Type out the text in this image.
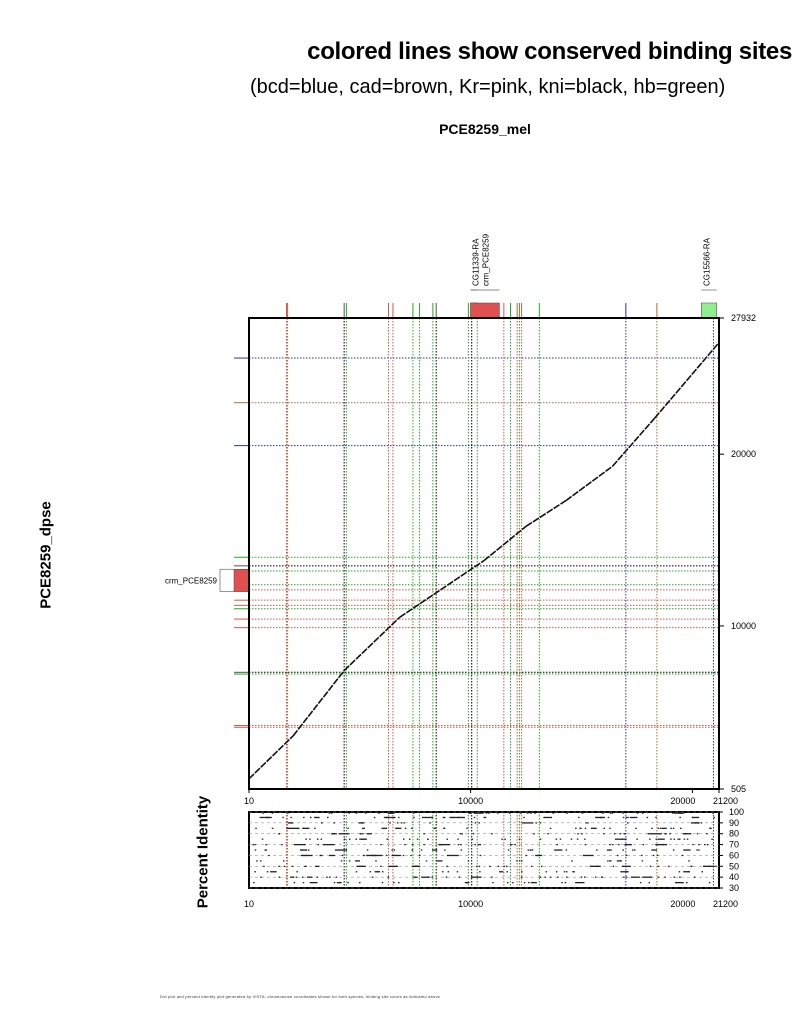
colored lines show conserved binding sites
(bcd=blue, cad=brown, Kr=pink, kni=black, hb=green)
PCE8259_mel
PCE8259_dpse
Percent Identity
Dot plot and percent identity plot generated by VISTA; chromosome coordinates shown for both species; binding site colors as indicated above
CG11339-RA crm_PCE8259	CG15566-RA
crm_PCE8259
10
10
10000
10000
20000
20000
21200
21200
505
10000
20000
27932
100
90
80
70
60
50
40
30
